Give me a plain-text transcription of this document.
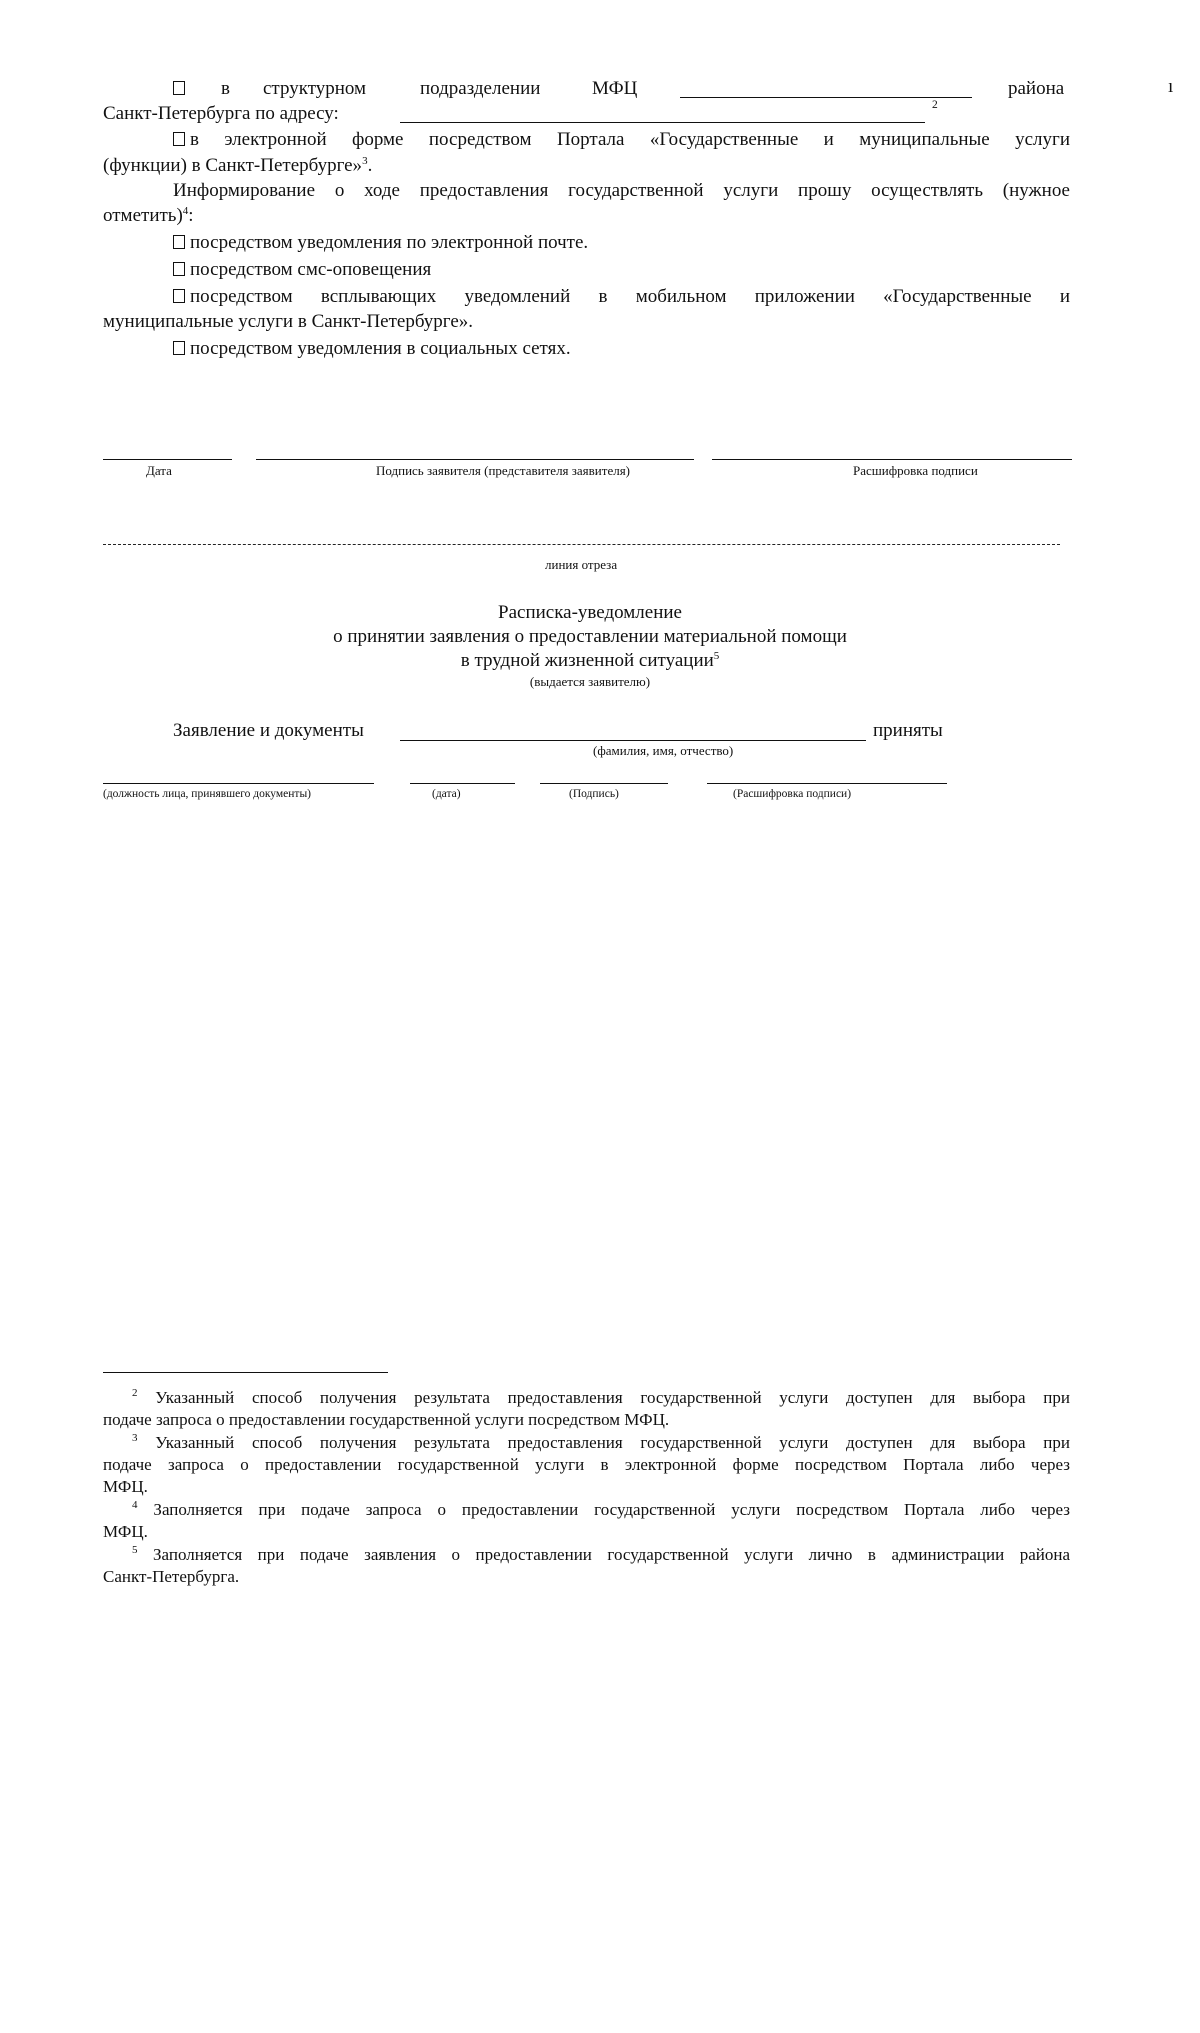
ı
в структурном	подразделении	МФЦ	района
Санкт-Петербурга по адресу:	2
в электронной форме посредством Портала «Государственные и муниципальные услуги
(функции) в Санкт-Петербурге»$^3$.
Информирование о ходе предоставления государственной услуги прошу осуществлять (нужное
отметить)$^4$:
посредством уведомления по электронной почте.
посредством смс-оповещения
посредством всплывающих уведомлений в мобильном приложении «Государственные и
муниципальные услуги в Санкт-Петербурге».
посредством уведомления в социальных сетях.
Дата	Подпись заявителя (представителя заявителя)	Расшифровка подписи
линия отреза
Расписка-уведомление
о принятии заявления о предоставлении материальной помощи
в трудной жизненной ситуации$^5$
(выдается заявителю)
Заявление и документы	приняты
(фамилия, имя, отчество)
(должность лица, принявшего документы)	(дата)	(Подпись)	(Расшифровка подписи)
$^2$ Указанный способ получения результата предоставления государственной услуги доступен для выбора при
подаче запроса о предоставлении государственной услуги посредством МФЦ.
$^3$ Указанный способ получения результата предоставления государственной услуги доступен для выбора при
подаче запроса о предоставлении государственной услуги в электронной форме посредством Портала либо через
МФЦ.
$^4$ Заполняется при подаче запроса о предоставлении государственной услуги посредством Портала либо через
МФЦ.
$^5$ Заполняется при подаче заявления о предоставлении государственной услуги лично в администрации района
Санкт-Петербурга.
